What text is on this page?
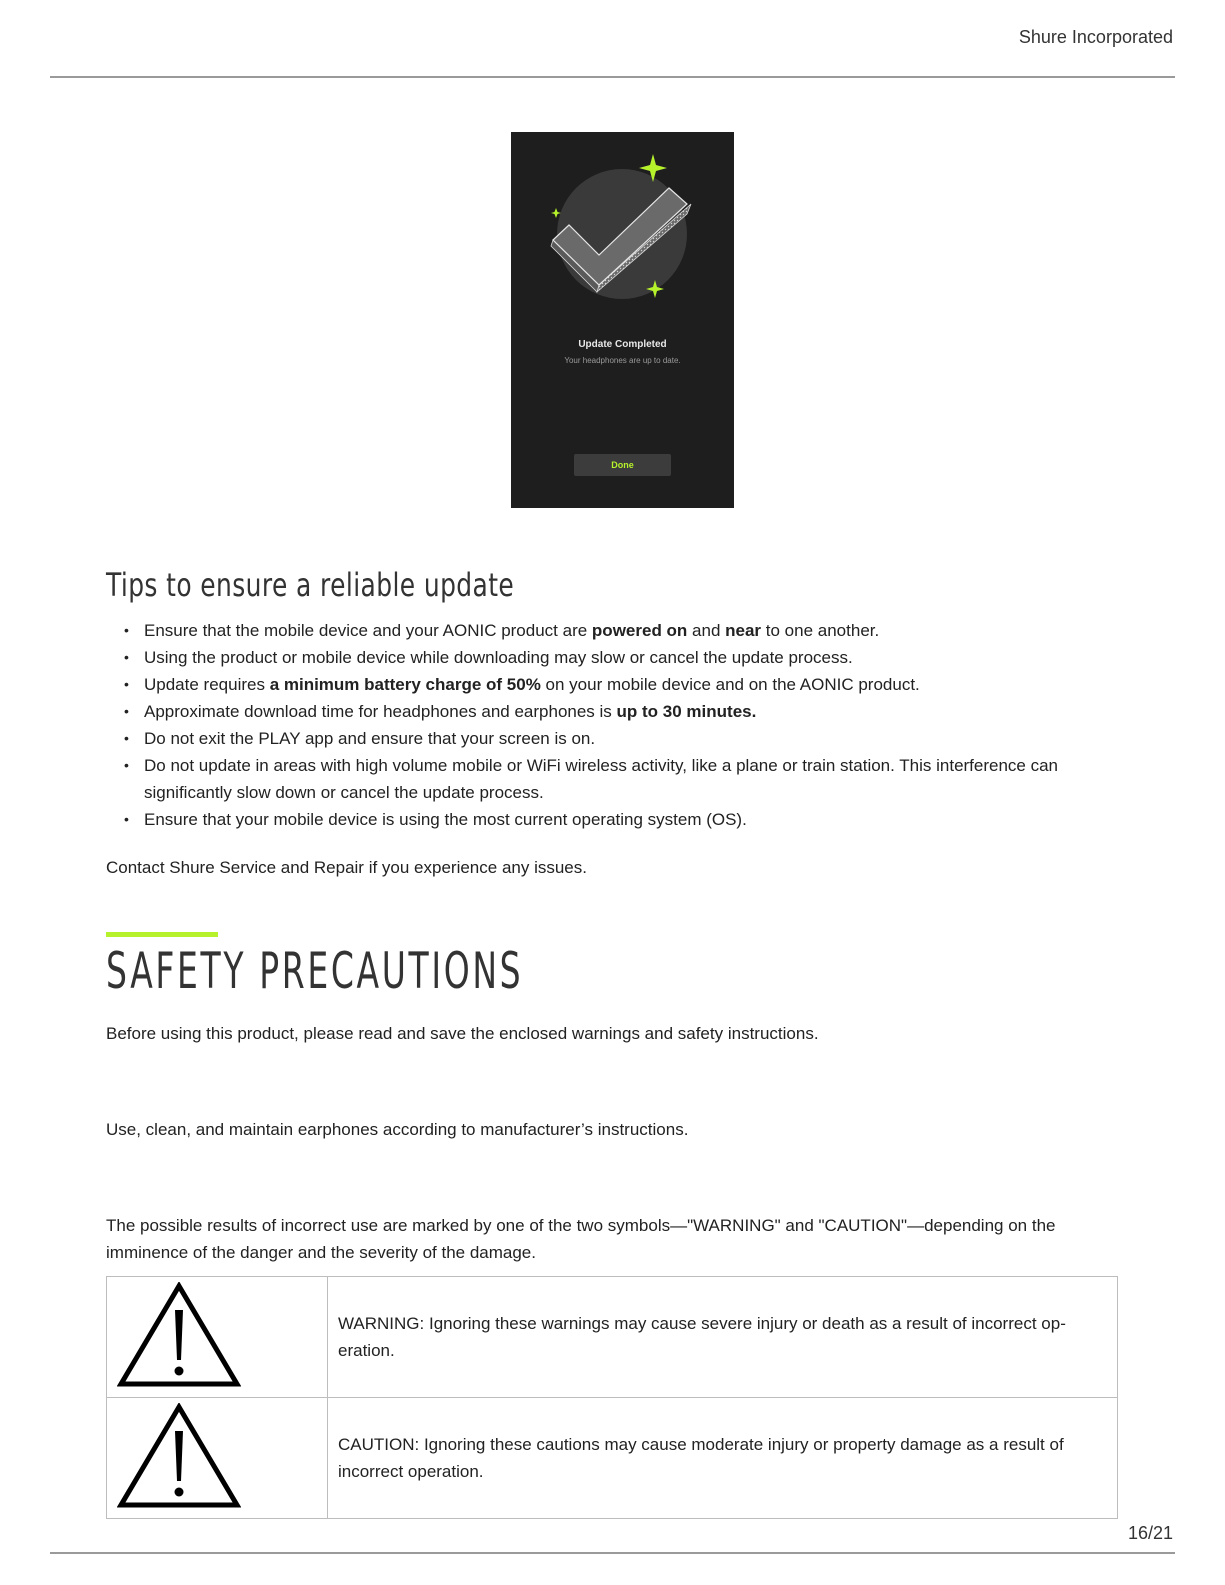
Shure Incorporated
Update Completed
Your headphones are up to date.
Done
Tips to ensure a reliable update
• Ensure that the mobile device and your AONIC product are powered on and near to one another.
• Using the product or mobile device while downloading may slow or cancel the update process.
• Update requires a minimum battery charge of 50% on your mobile device and on the AONIC product.
• Approximate download time for headphones and earphones is up to 30 minutes.
• Do not exit the PLAY app and ensure that your screen is on.
• Do not update in areas with high volume mobile or WiFi wireless activity, like a plane or train station. This interference can significantly slow down or cancel the update process.
• Ensure that your mobile device is using the most current operating system (OS).
Contact Shure Service and Repair if you experience any issues.
SAFETY PRECAUTIONS
Before using this product, please read and save the enclosed warnings and safety instructions.
Use, clean, and maintain earphones according to manufacturer’s instructions.
The possible results of incorrect use are marked by one of the two symbols—"WARNING" and "CAUTION"—depending on the imminence of the danger and the severity of the damage.
	WARNING: Ignoring these warnings may cause severe injury or death as a result of incorrect op-eration.
	CAUTION: Ignoring these cautions may cause moderate injury or property damage as a result of incorrect operation.
16/21
